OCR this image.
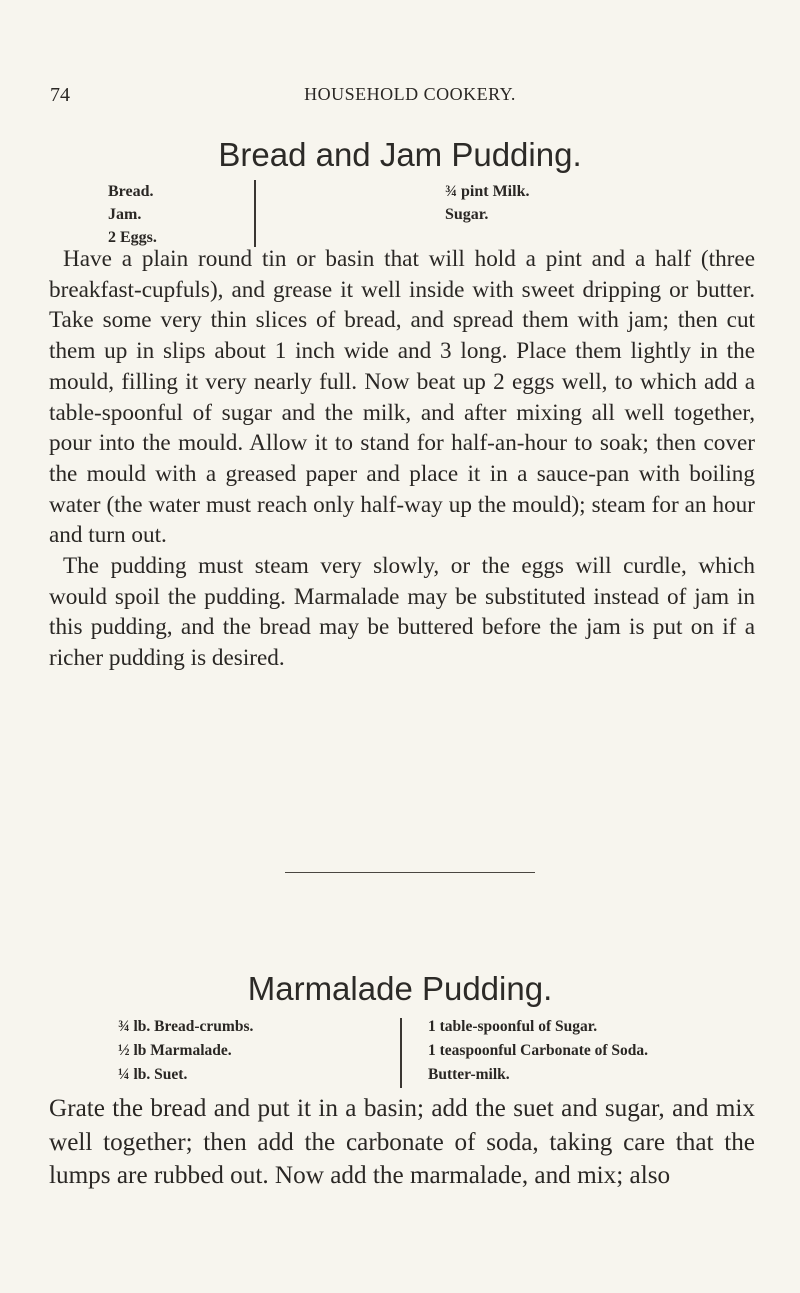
74	HOUSEHOLD COOKERY.
Bread and Jam Pudding.
Bread.
Jam.
2 Eggs.
¾ pint Milk.
Sugar.

Have a plain round tin or basin that will hold a pint and a half (three breakfast-cupfuls), and grease it well inside with sweet dripping or butter. Take some very thin slices of bread, and spread them with jam; then cut them up in slips about 1 inch wide and 3 long. Place them lightly in the mould, filling it very nearly full. Now beat up 2 eggs well, to which add a table-spoonful of sugar and the milk, and after mixing all well together, pour into the mould. Allow it to stand for half-an-hour to soak; then cover the mould with a greased paper and place it in a sauce-pan with boiling water (the water must reach only half-way up the mould); steam for an hour and turn out.

The pudding must steam very slowly, or the eggs will curdle, which would spoil the pudding. Marmalade may be substituted instead of jam in this pudding, and the bread may be buttered before the jam is put on if a richer pudding is desired.

Marmalade Pudding.
¾ lb. Bread-crumbs.
½ lb Marmalade.
¼ lb. Suet.
1 table-spoonful of Sugar.
1 teaspoonful Carbonate of Soda.
Butter-milk.

Grate the bread and put it in a basin; add the suet and sugar, and mix well together; then add the carbonate of soda, taking care that the lumps are rubbed out. Now add the marmalade, and mix; also
